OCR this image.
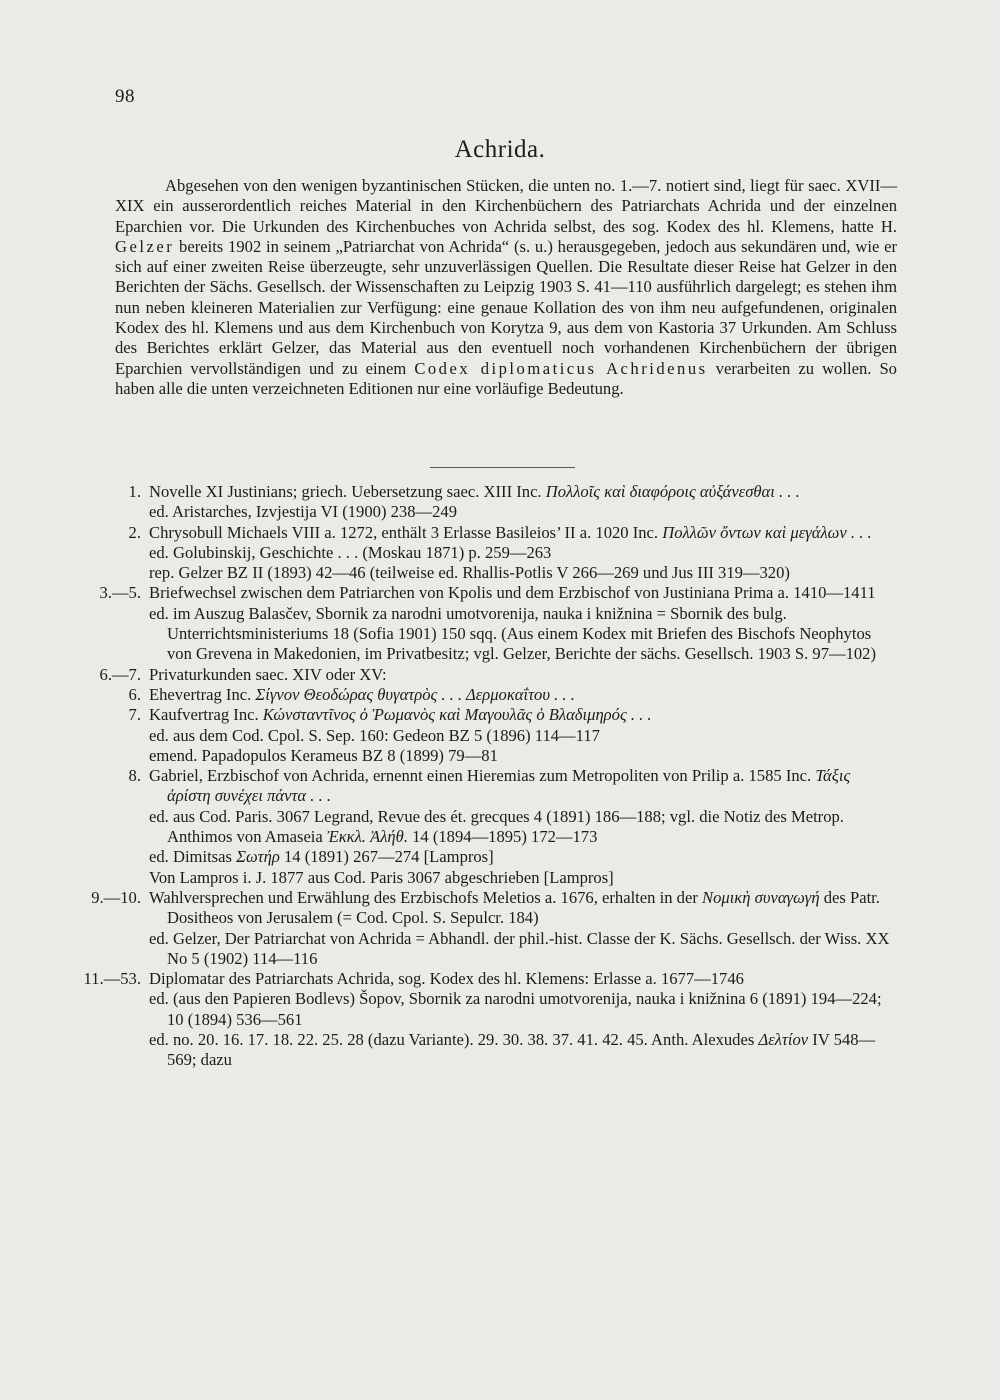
98
Achrida.
Abgesehen von den wenigen byzantinischen Stücken, die unten no. 1.—7. notiert sind, liegt für saec. XVII—XIX ein ausserordentlich reiches Material in den Kirchenbüchern des Patriarchats Achrida und der einzelnen Eparchien vor. Die Urkunden des Kirchenbuches von Achrida selbst, des sog. Kodex des hl. Klemens, hatte H. Gelzer bereits 1902 in seinem „Patriarchat von Achrida“ (s. u.) herausgegeben, jedoch aus sekundären und, wie er sich auf einer zweiten Reise überzeugte, sehr unzuverlässigen Quellen. Die Resultate dieser Reise hat Gelzer in den Berichten der Sächs. Gesellsch. der Wissenschaften zu Leipzig 1903 S. 41—110 ausführlich dargelegt; es stehen ihm nun neben kleineren Materialien zur Verfügung: eine genaue Kollation des von ihm neu aufgefundenen, originalen Kodex des hl. Klemens und aus dem Kirchenbuch von Korytza 9, aus dem von Kastoria 37 Urkunden. Am Schluss des Berichtes erklärt Gelzer, das Material aus den eventuell noch vorhandenen Kirchenbüchern der übrigen Eparchien vervollständigen und zu einem Codex diplomaticus Achridenus verarbeiten zu wollen. So haben alle die unten verzeichneten Editionen nur eine vorläufige Bedeutung.
1. Novelle XI Justinians; griech. Uebersetzung saec. XIII Inc. Πολλοῖς καὶ διαφόροις αὐξάνεσθαι . . .
ed. Aristarches, Izvjestija VI (1900) 238—249
2. Chrysobull Michaels VIII a. 1272, enthält 3 Erlasse Basileios’ II a. 1020 Inc. Πολλῶν ὄντων καὶ μεγάλων . . .
ed. Golubinskij, Geschichte . . . (Moskau 1871) p. 259—263
rep. Gelzer BZ II (1893) 42—46 (teilweise ed. Rhallis-Potlis V 266—269 und Jus III 319—320)
3.—5. Briefwechsel zwischen dem Patriarchen von Kpolis und dem Erzbischof von Justiniana Prima a. 1410—1411
ed. im Auszug Balasčev, Sbornik za narodni umotvorenija, nauka i knižnina = Sbornik des bulg. Unterrichtsministeriums 18 (Sofia 1901) 150 sqq. (Aus einem Kodex mit Briefen des Bischofs Neophytos von Grevena in Makedonien, im Privatbesitz; vgl. Gelzer, Berichte der sächs. Gesellsch. 1903 S. 97—102)
6.—7. Privaturkunden saec. XIV oder XV:
6. Ehevertrag Inc. Σίγνον Θεοδώρας θυγατρὸς . . . Δερμοκαΐτου . . .
7. Kaufvertrag Inc. Κώνσταντῖνος ὁ Ῥωμανὸς καὶ Μαγουλᾶς ὁ Βλαδιμηρός . . .
ed. aus dem Cod. Cpol. S. Sep. 160: Gedeon BZ 5 (1896) 114—117
emend. Papadopulos Kerameus BZ 8 (1899) 79—81
8. Gabriel, Erzbischof von Achrida, ernennt einen Hieremias zum Metropoliten von Prilip a. 1585 Inc. Τάξις ἀρίστη συνέχει πάντα . . .
ed. aus Cod. Paris. 3067 Legrand, Revue des ét. grecques 4 (1891) 186—188; vgl. die Notiz des Metrop. Anthimos von Amaseia Ἐκκλ. Ἀλήθ. 14 (1894—1895) 172—173
ed. Dimitsas Σωτήρ 14 (1891) 267—274 [Lampros]
Von Lampros i. J. 1877 aus Cod. Paris 3067 abgeschrieben [Lampros]
9.—10. Wahlversprechen und Erwählung des Erzbischofs Meletios a. 1676, erhalten in der Νομικὴ συναγωγή des Patr. Dositheos von Jerusalem (= Cod. Cpol. S. Sepulcr. 184)
ed. Gelzer, Der Patriarchat von Achrida = Abhandl. der phil.-hist. Classe der K. Sächs. Gesellsch. der Wiss. XX No 5 (1902) 114—116
11.—53. Diplomatar des Patriarchats Achrida, sog. Kodex des hl. Klemens: Erlasse a. 1677—1746
ed. (aus den Papieren Bodlevs) Šopov, Sbornik za narodni umotvorenija, nauka i knižnina 6 (1891) 194—224; 10 (1894) 536—561
ed. no. 20. 16. 17. 18. 22. 25. 28 (dazu Variante). 29. 30. 38. 37. 41. 42. 45. Anth. Alexudes Δελτίον IV 548—569; dazu
